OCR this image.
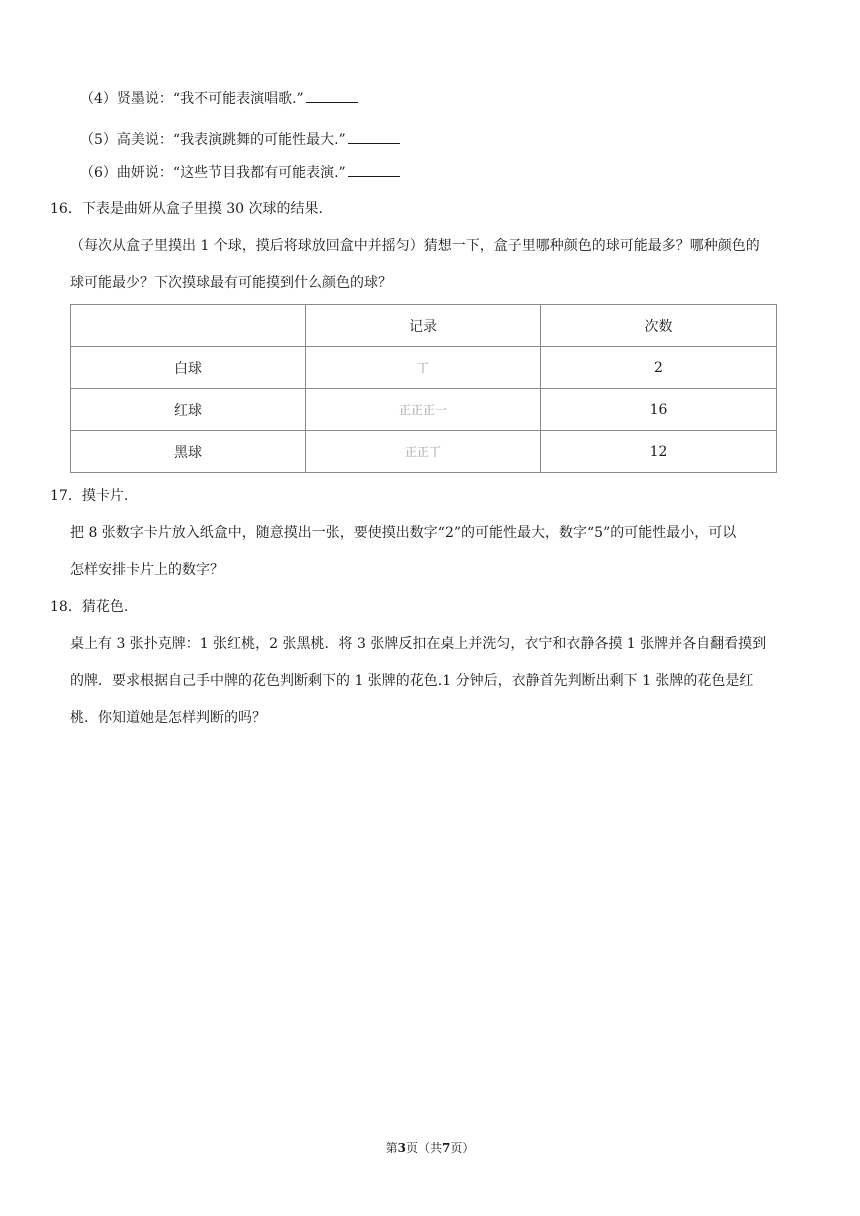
（4）贤墨说：“我不可能表演唱歌.”
（5）高美说：“我表演跳舞的可能性最大.”
（6）曲妍说：“这些节目我都有可能表演.”
16．下表是曲妍从盒子里摸 30 次球的结果.
（每次从盒子里摸出 1 个球，摸后将球放回盒中并摇匀）猜想一下，盒子里哪种颜色的球可能最多？哪种颜色的
球可能最少？下次摸球最有可能摸到什么颜色的球？
	记录	次数
白球	丅	2
红球	正正正一	16
黑球	正正丅	12
17．摸卡片.
把 8 张数字卡片放入纸盒中，随意摸出一张，要使摸出数字“2”的可能性最大，数字“5”的可能性最小，可以
怎样安排卡片上的数字？
18．猜花色.
桌上有 3 张扑克牌：1 张红桃，2 张黑桃．将 3 张牌反扣在桌上并洗匀，衣宁和衣静各摸 1 张牌并各自翻看摸到
的牌．要求根据自己手中牌的花色判断剩下的 1 张牌的花色.1 分钟后，衣静首先判断出剩下 1 张牌的花色是红
桃．你知道她是怎样判断的吗？
第3页（共7页）
